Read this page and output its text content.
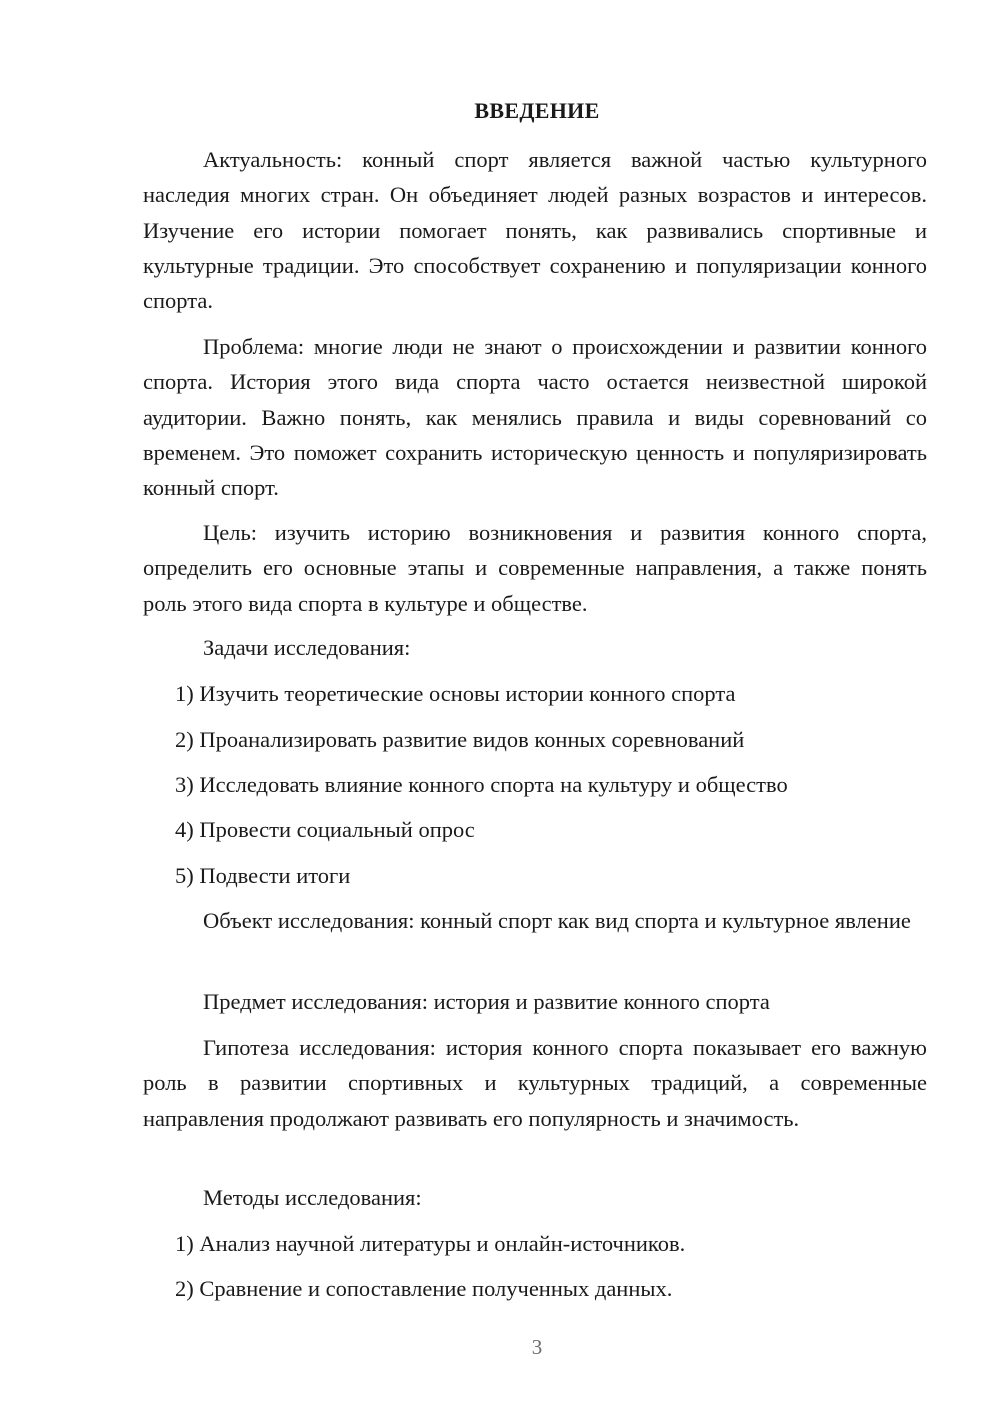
ВВЕДЕНИЕ

Актуальность: конный спорт является важной частью культурного наследия многих стран. Он объединяет людей разных возрастов и интересов. Изучение его истории помогает понять, как развивались спортивные и культурные традиции. Это способствует сохранению и популяризации конного спорта.

Проблема: многие люди не знают о происхождении и развитии конного спорта. История этого вида спорта часто остается неизвестной широкой аудитории. Важно понять, как менялись правила и виды соревнований со временем. Это поможет сохранить историческую ценность и популяризировать конный спорт.

Цель: изучить историю возникновения и развития конного спорта, определить его основные этапы и современные направления, а также понять роль этого вида спорта в культуре и обществе.

Задачи исследования:

1) Изучить теоретические основы истории конного спорта

2) Проанализировать развитие видов конных соревнований

3) Исследовать влияние конного спорта на культуру и общество

4) Провести социальный опрос

5) Подвести итоги

Объект исследования: конный спорт как вид спорта и культурное явление

Предмет исследования: история и развитие конного спорта

Гипотеза исследования: история конного спорта показывает его важную роль в развитии спортивных и культурных традиций, а современные направления продолжают развивать его популярность и значимость.

Методы исследования:

1) Анализ научной литературы и онлайн-источников.

2) Сравнение и сопоставление полученных данных.

3
